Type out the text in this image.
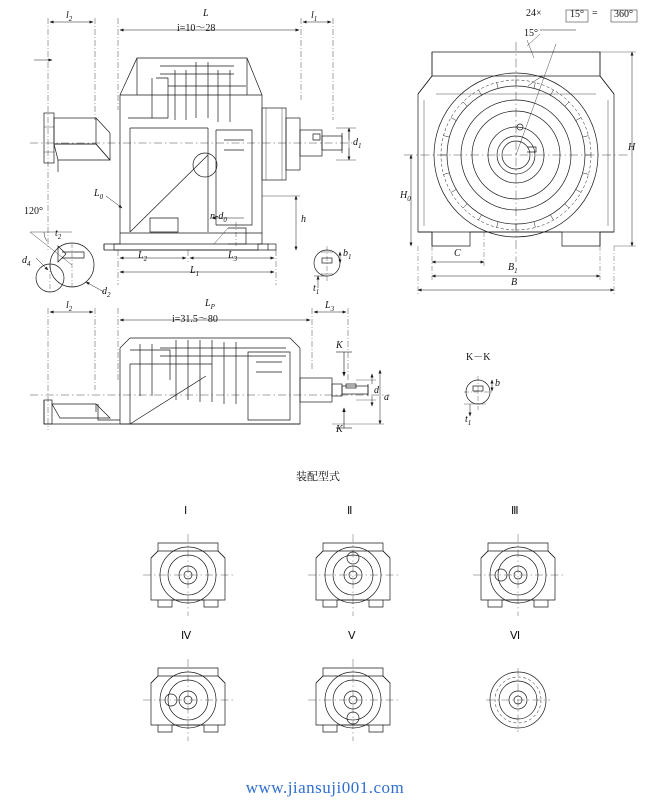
$l_2$	L
i=10～28
$l_1$
$d_1$
$L_0$
h
$n-d_0$
$L_2$	$L_3$
$L_1$
120°
$t_2$
$d_4$
$d_2$
$b_1$
$t_1$
24×	15° = 360°
15°
H
$H_0$
C
$B_1$
B
$l_2$	$L_P$
i=31.5～80
$L_3$
K
K
d
a
K－K
b
$t_1$
装配型式
Ⅰ	Ⅱ	Ⅲ
Ⅳ	Ⅴ	Ⅵ
www.jiansuji001.com
